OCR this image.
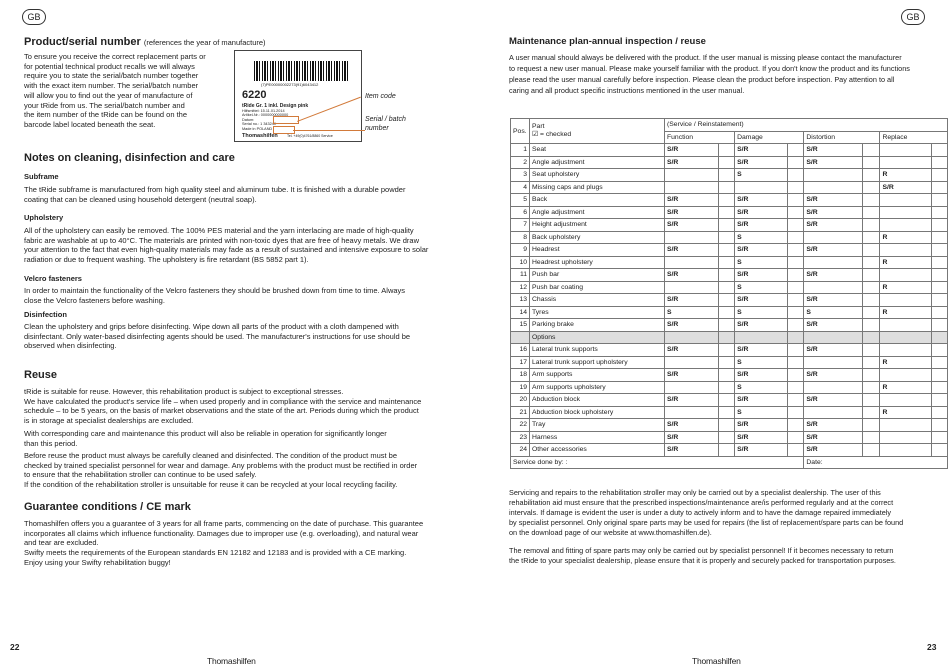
GB
Product/serial number (references the year of manufacture)
To ensure you receive the correct replacement parts or
for potential technical product recalls we will always
require you to state the serial/batch number together
with the exact item number. The serial/batch number
will allow you to find out the year of manufacture of
your tRide from us. The serial/batch number and
the item number of the tRide can be found on the
barcode label located beneath the seat.
(7)PE00000002273(91)6043412
6220
tRide Gr. 1 inkl. Design pink
Hilfsmittel: 15.11.01.2014
Artikel-Nr.: 0000000000000
Datum:
Serial no.: 1 343240
Made in POLAND
Thomashilfen	Tel. +49(0)4761/8860 Service
Item code
Serial / batch number
Notes on cleaning, disinfection and care
Subframe
The tRide subframe is manufactured from high quality steel and aluminum tube. It is finished with a durable powder
coating that can be cleaned using household detergent (neutral soap).
Upholstery
All of the upholstery can easily be removed. The 100% PES material and the yarn interlacing are made of high-quality
fabric are washable at up to 40°C. The materials are printed with non-toxic dyes that are free of heavy metals. We draw
your attention to the fact that even high-quality materials may fade as a result of sustained and intensive exposure to solar
radiation or due to frequent washing. The upholstery is fire retardant (BS 5852 part 1).
Velcro fasteners
In order to maintain the functionality of the Velcro fasteners they should be brushed down from time to time. Always
close the Velcro fasteners before washing.
Disinfection
Clean the upholstery and grips before disinfecting. Wipe down all parts of the product with a cloth dampened with
disinfectant. Only water-based disinfecting agents should be used. The manufacturer's instructions for use should be
observed when disinfecting.
Reuse
tRide is suitable for reuse. However, this rehabilitation product is subject to exceptional stresses.
We have calculated the product's service life – when used properly and in compliance with the service and maintenance
schedule – to be 5 years, on the basis of market observations and the state of the art. Periods during which the product
is in storage at specialist dealerships are excluded.
With corresponding care and maintenance this product will also be reliable in operation for significantly longer
than this period.
Before reuse the product must always be carefully cleaned and disinfected. The condition of the product must be
checked by trained specialist personnel for wear and damage. Any problems with the product must be rectified in order
to ensure that the rehabilitation stroller can continue to be used safely.
If the condition of the rehabilitation stroller is unsuitable for reuse it can be recycled at your local recycling facility.
Guarantee conditions / CE mark
Thomashilfen offers you a guarantee of 3 years for all frame parts, commencing on the date of purchase. This guarantee
incorporates all claims which influence functionality. Damages due to improper use (e.g. overloading), and natural wear
and tear are excluded.
Swifty meets the requirements of the European standards EN 12182 and 12183 and is provided with a CE marking.
Enjoy using your Swifty rehabilitation buggy!
22
Thomashilfen
GB
Maintenance plan-annual inspection / reuse
A user manual should always be delivered with the product. If the user manual is missing please contact the manufacturer
to request a new user manual. Please make yourself familiar with the product. If you don't know the product and its functions
please read the user manual carefully before inspection. Please clean the product before inspection. Pay attention to all
caring and all product specific instructions mentioned in the user manual.
Pos.	Part
☑ = checked	(Service / Reinstatement)							
		Function		Damage		Distortion		Replace	
1	Seat	S/R		S/R		S/R			
2	Angle adjustment	S/R		S/R		S/R			
3	Seat upholstery			S				R	
4	Missing caps and plugs							S/R	
5	Back	S/R		S/R		S/R			
6	Angle adjustment	S/R		S/R		S/R			
7	Height adjustment	S/R		S/R		S/R			
8	Back upholstery			S				R	
9	Headrest	S/R		S/R		S/R			
10	Headrest upholstery			S				R	
11	Push bar	S/R		S/R		S/R			
12	Push bar coating			S				R	
13	Chassis	S/R		S/R		S/R			
14	Tyres	S		S		S		R	
15	Parking brake	S/R		S/R		S/R			
	Options								
16	Lateral trunk supports	S/R		S/R		S/R			
17	Lateral trunk support upholstery			S				R	
18	Arm supports	S/R		S/R		S/R			
19	Arm supports upholstery			S				R	
20	Abduction block	S/R		S/R		S/R			
21	Abduction block upholstery			S				R	
22	Tray	S/R		S/R		S/R			
23	Harness	S/R		S/R		S/R			
24	Other accessories	S/R		S/R		S/R			
Service done by: :						Date:			
Servicing and repairs to the rehabilitation stroller may only be carried out by a specialist dealership. The user of this
rehabilitation aid must ensure that the prescribed inspections/maintenance are/is performed regularly and at the correct
intervals. If damage is evident the user is under a duty to actively inform and to have the damage repaired immediately
by specialist personnel. Only original spare parts may be used for repairs (the list of replacement/spare parts can be found
on the download page of our website at www.thomashilfen.de).
The removal and fitting of spare parts may only be carried out by specialist personnel! If it becomes necessary to return
the tRide to your specialist dealership, please ensure that it is properly and securely packed for transportation purposes.
23
Thomashilfen
